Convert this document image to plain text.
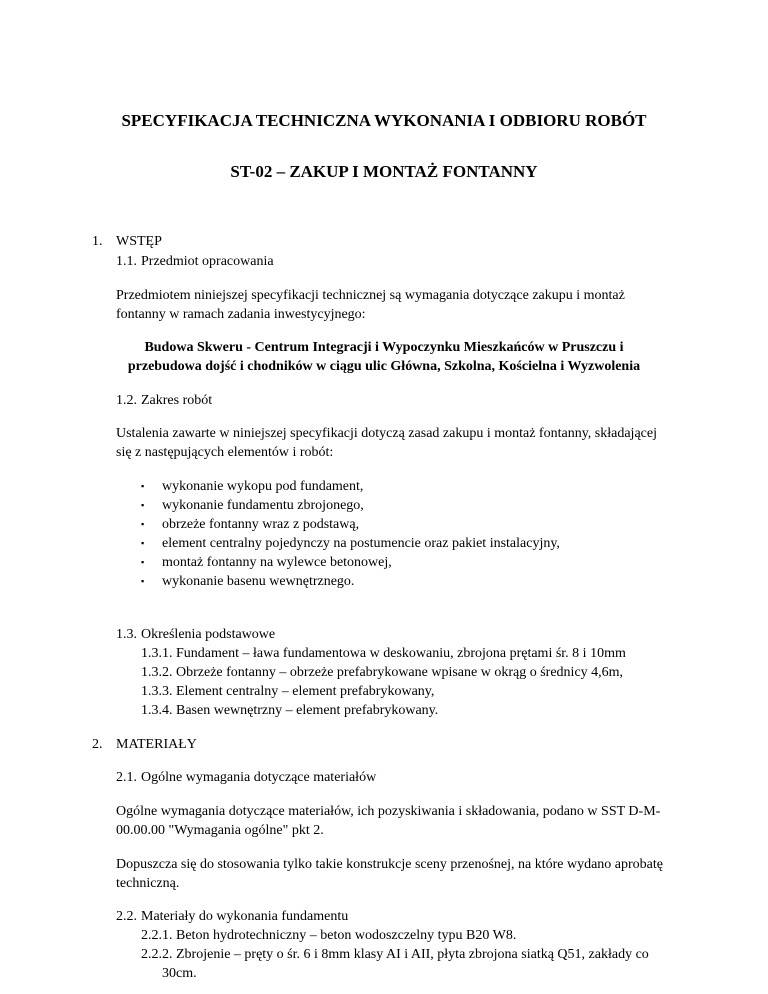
SPECYFIKACJA TECHNICZNA WYKONANIA I ODBIORU ROBÓT
ST-02 – ZAKUP I MONTAŻ FONTANNY
1. WSTĘP
1.1. Przedmiot opracowania
Przedmiotem niniejszej specyfikacji technicznej są wymagania dotyczące zakupu i montaż
fontanny w ramach zadania inwestycyjnego:
Budowa Skweru - Centrum Integracji i Wypoczynku Mieszkańców w Pruszczu i
przebudowa dojść i chodników w ciągu ulic Główna, Szkolna, Kościelna i Wyzwolenia
1.2. Zakres robót
Ustalenia zawarte w niniejszej specyfikacji dotyczą zasad zakupu i montaż fontanny, składającej
się z następujących elementów i robót:
▪ wykonanie wykopu pod fundament,
▪ wykonanie fundamentu zbrojonego,
▪ obrzeże fontanny wraz z podstawą,
▪ element centralny pojedynczy na postumencie oraz pakiet instalacyjny,
▪ montaż fontanny na wylewce betonowej,
▪ wykonanie basenu wewnętrznego.
1.3. Określenia podstawowe
1.3.1. Fundament – ława fundamentowa w deskowaniu, zbrojona prętami śr. 8 i 10mm
1.3.2. Obrzeże fontanny – obrzeże prefabrykowane wpisane w okrąg o średnicy 4,6m,
1.3.3. Element centralny – element prefabrykowany,
1.3.4. Basen wewnętrzny – element prefabrykowany.
2. MATERIAŁY
2.1. Ogólne wymagania dotyczące materiałów
Ogólne wymagania dotyczące materiałów, ich pozyskiwania i składowania, podano w SST D-M-
00.00.00 "Wymagania ogólne" pkt 2.
Dopuszcza się do stosowania tylko takie konstrukcje sceny przenośnej, na które wydano aprobatę
techniczną.
2.2. Materiały do wykonania fundamentu
2.2.1. Beton hydrotechniczny – beton wodoszczelny typu B20 W8.
2.2.2. Zbrojenie – pręty o śr. 6 i 8mm klasy AI i AII, płyta zbrojona siatką Q51, zakłady co
30cm.
